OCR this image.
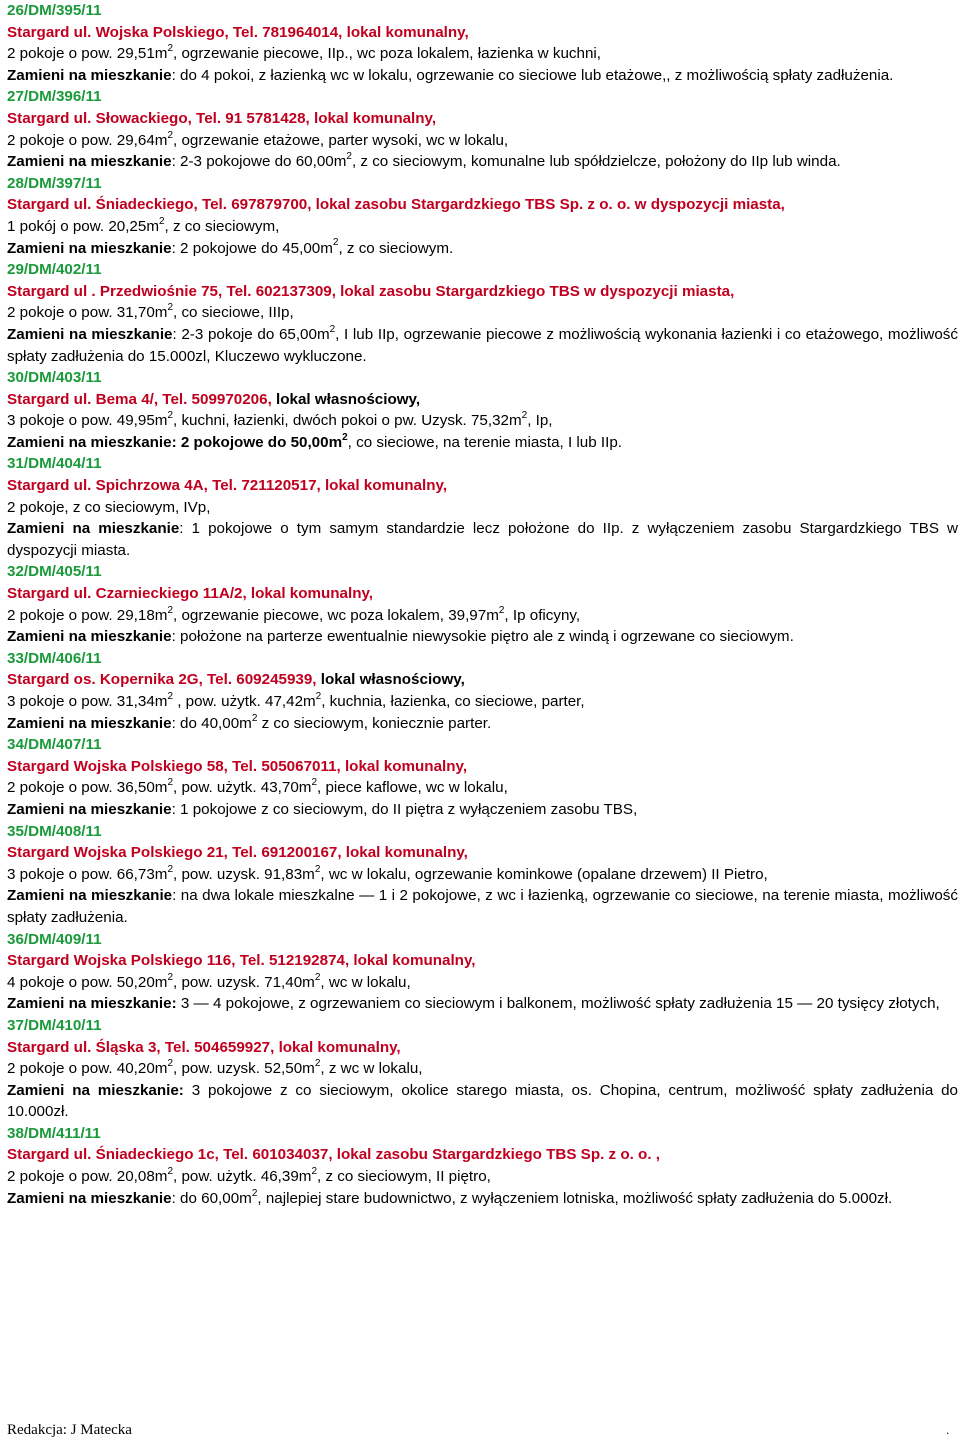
26/DM/395/11
Stargard ul. Wojska Polskiego, Tel. 781964014, lokal komunalny,
2 pokoje o pow. $29,51m^2$, ogrzewanie piecowe, IIp., wc poza lokalem, łazienka w kuchni,
Zamieni na mieszkanie: do 4 pokoi, z łazienką wc w lokalu, ogrzewanie co sieciowe lub etażowe,, z możliwością spłaty zadłużenia.
27/DM/396/11
Stargard ul. Słowackiego, Tel. 91 5781428, lokal komunalny,
2 pokoje o pow. $29,64m^2$, ogrzewanie etażowe, parter wysoki, wc w lokalu,
Zamieni na mieszkanie: 2-3 pokojowe do $60,00m^2$, z co sieciowym, komunalne lub spółdzielcze, położony do IIp lub winda.
28/DM/397/11
Stargard ul. Śniadeckiego, Tel. 697879700, lokal zasobu Stargardzkiego TBS Sp. z o. o. w dyspozycji miasta,
1 pokój o pow. $20,25m^2$, z co sieciowym,
Zamieni na mieszkanie: 2 pokojowe do $45,00m^2$, z co sieciowym.
29/DM/402/11
Stargard ul . Przedwiośnie 75, Tel. 602137309, lokal zasobu Stargardzkiego TBS w dyspozycji miasta,
2 pokoje o pow. $31,70m^2$, co sieciowe, IIIp,
Zamieni na mieszkanie: 2-3 pokoje do $65,00m^2$, I lub IIp, ogrzewanie piecowe z możliwością wykonania łazienki i co etażowego, możliwość spłaty zadłużenia do 15.000zl, Kluczewo wykluczone.
30/DM/403/11
Stargard ul. Bema 4/, Tel. 509970206, lokal własnościowy,
3 pokoje o pow. $49,95m^2$, kuchni, łazienki, dwóch pokoi o pw. Uzysk. $75,32m^2$, Ip,
Zamieni na mieszkanie: 2 pokojowe do $50,00m^2$, co sieciowe, na terenie miasta, I lub IIp.
31/DM/404/11
Stargard ul. Spichrzowa 4A, Tel. 721120517, lokal komunalny,
2 pokoje, z co sieciowym, IVp,
Zamieni na mieszkanie: 1 pokojowe o tym samym standardzie lecz położone do IIp. z wyłączeniem zasobu Stargardzkiego TBS w dyspozycji miasta.
32/DM/405/11
Stargard ul. Czarnieckiego 11A/2, lokal komunalny,
2 pokoje o pow. $29,18m^2$, ogrzewanie piecowe, wc poza lokalem, $39,97m^2$, Ip oficyny,
Zamieni na mieszkanie: położone na parterze ewentualnie niewysokie piętro ale z windą i ogrzewane co sieciowym.
33/DM/406/11
Stargard os. Kopernika 2G, Tel. 609245939, lokal własnościowy,
3 pokoje o pow. $31,34m^2$ , pow. użytk. $47,42m^2$, kuchnia, łazienka, co sieciowe, parter,
Zamieni na mieszkanie: do $40,00m^2$ z co sieciowym, koniecznie parter.
34/DM/407/11
Stargard Wojska Polskiego 58, Tel. 505067011, lokal komunalny,
2 pokoje o pow. $36,50m^2$, pow. użytk. $43,70m^2$, piece kaflowe, wc w lokalu,
Zamieni na mieszkanie: 1 pokojowe z co sieciowym, do II piętra z wyłączeniem zasobu TBS,
35/DM/408/11
Stargard Wojska Polskiego 21, Tel. 691200167, lokal komunalny,
3 pokoje o pow. $66,73m^2$, pow. uzysk. $91,83m^2$, wc w lokalu, ogrzewanie kominkowe (opalane drzewem) II Pietro,
Zamieni na mieszkanie: na dwa lokale mieszkalne — 1 i 2 pokojowe, z wc i łazienką, ogrzewanie co sieciowe, na terenie miasta, możliwość spłaty zadłużenia.
36/DM/409/11
Stargard Wojska Polskiego 116, Tel. 512192874, lokal komunalny,
4 pokoje o pow. $50,20m^2$, pow. uzysk. $71,40m^2$, wc w lokalu,
Zamieni na mieszkanie: 3 — 4 pokojowe, z ogrzewaniem co sieciowym i balkonem, możliwość spłaty zadłużenia 15 — 20 tysięcy złotych,
37/DM/410/11
Stargard ul. Śląska 3, Tel. 504659927, lokal komunalny,
2 pokoje o pow. $40,20m^2$, pow. uzysk. $52,50m^2$, z wc w lokalu,
Zamieni na mieszkanie: 3 pokojowe z co sieciowym, okolice starego miasta, os. Chopina, centrum, możliwość spłaty zadłużenia do 10.000zł.
38/DM/411/11
Stargard ul. Śniadeckiego 1c, Tel. 601034037, lokal zasobu Stargardzkiego TBS Sp. z o. o. ,
2 pokoje o pow. $20,08m^2$, pow. użytk. $46,39m^2$, z co sieciowym, II piętro,
Zamieni na mieszkanie: do $60,00m^2$, najlepiej stare budownictwo, z wyłączeniem lotniska, możliwość spłaty zadłużenia do 5.000zł.
Redakcja: J Matecka	.
